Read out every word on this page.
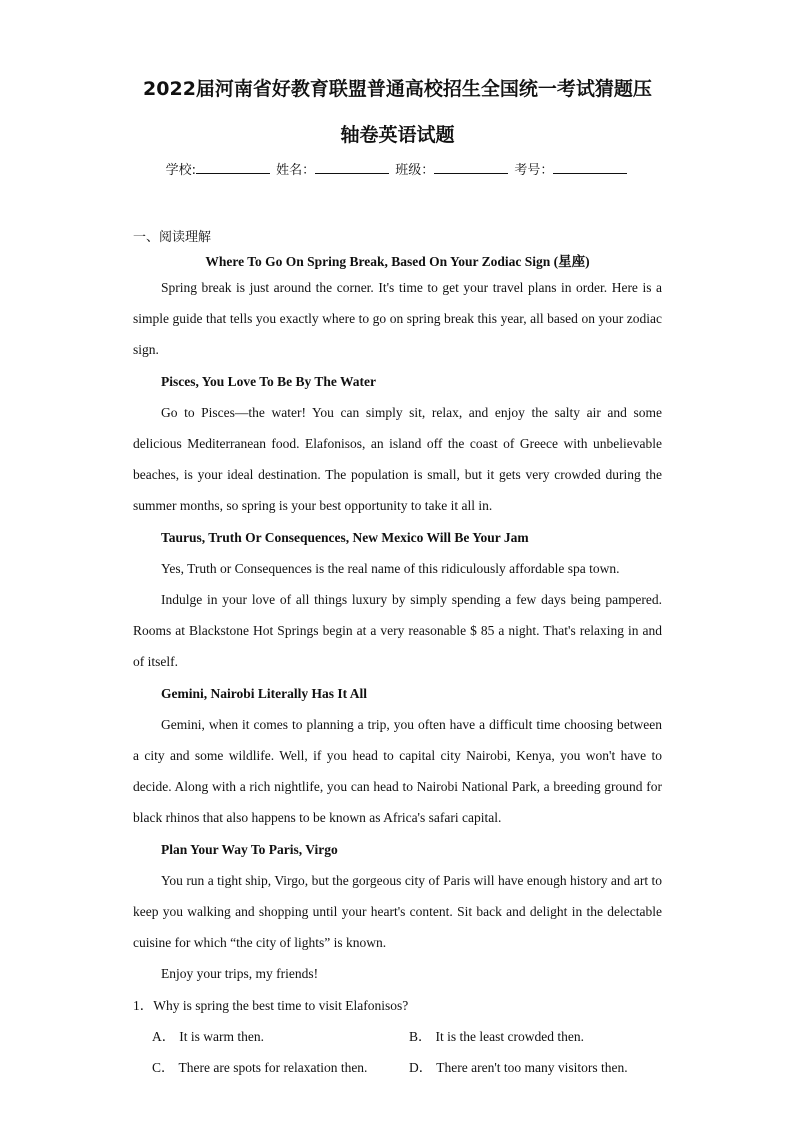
2022届河南省好教育联盟普通高校招生全国统一考试猜题压
轴卷英语试题
学校:	姓名：	班级：	考号：
一、阅读理解
Where To Go On Spring Break, Based On Your Zodiac Sign (星座)

Spring break is just around the corner. It's time to get your travel plans in order. Here is a simple guide that tells you exactly where to go on spring break this year, all based on your zodiac sign.

Pisces, You Love To Be By The Water

Go to Pisces—the water! You can simply sit, relax, and enjoy the salty air and some delicious Mediterranean food. Elafonisos, an island off the coast of Greece with unbelievable beaches, is your ideal destination. The population is small, but it gets very crowded during the summer months, so spring is your best opportunity to take it all in.

Taurus, Truth Or Consequences, New Mexico Will Be Your Jam

Yes, Truth or Consequences is the real name of this ridiculously affordable spa town.

Indulge in your love of all things luxury by simply spending a few days being pampered. Rooms at Blackstone Hot Springs begin at a very reasonable $ 85 a night. That's relaxing in and of itself.

Gemini, Nairobi Literally Has It All

Gemini, when it comes to planning a trip, you often have a difficult time choosing between a city and some wildlife. Well, if you head to capital city Nairobi, Kenya, you won't have to decide. Along with a rich nightlife, you can head to Nairobi National Park, a breeding ground for black rhinos that also happens to be known as Africa's safari capital.

Plan Your Way To Paris, Virgo

You run a tight ship, Virgo, but the gorgeous city of Paris will have enough history and art to keep you walking and shopping until your heart's content. Sit back and delight in the delectable cuisine for which “the city of lights” is known.

Enjoy your trips, my friends!

1．Why is spring the best time to visit Elafonisos?

A． It is warm then.	B． It is the least crowded then.
C． There are spots for relaxation then.	D． There aren't too many visitors then.
